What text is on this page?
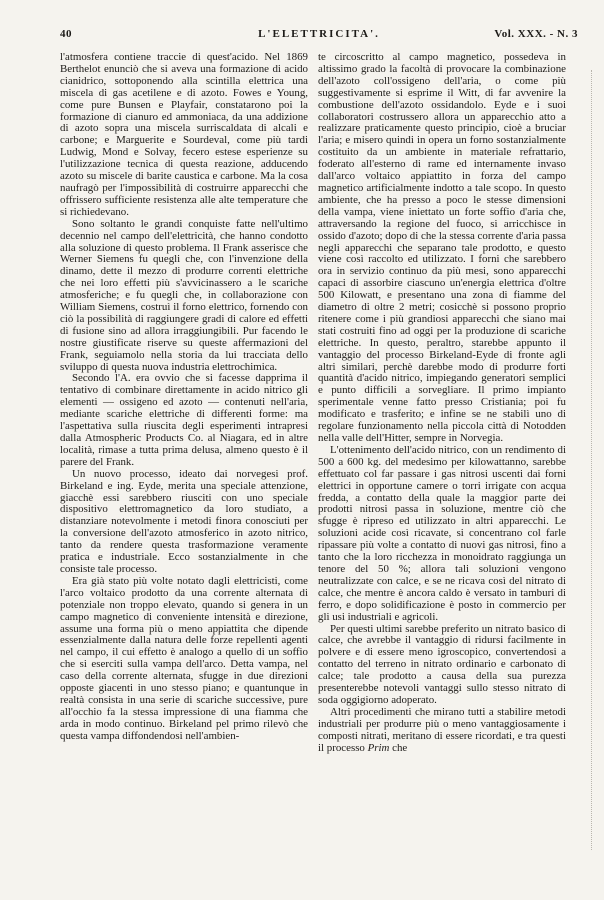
40	L'ELETTRICITA'.	Vol. XXX. - N. 3

l'atmosfera contiene traccie di quest'acido. Nel 1869 Berthelot enunciò che si aveva una formazione di acido cianidrico, sottoponendo alla scintilla elettrica una miscela di gas acetilene e di azoto. Fowes e Young, come pure Bunsen e Playfair, constatarono poi la formazione di cianuro ed ammoniaca, da una addizione di azoto sopra una miscela surriscaldata di alcali e carbone; e Marguerite e Sourdeval, come più tardi Ludwig, Mond e Solvay, fecero estese esperienze su l'utilizzazione tecnica di questa reazione, adducendo azoto su miscele di barite caustica e carbone. Ma la cosa naufragò per l'impossibilità di costruirre apparecchi che offrissero sufficiente resistenza alle alte temperature che si richiedevano.

Sono soltanto le grandi conquiste fatte nell'ultimo decennio nel campo dell'elettricità, che hanno condotto alla soluzione di questo problema. Il Frank asserisce che Werner Siemens fu quegli che, con l'invenzione della dinamo, dette il mezzo di produrre correnti elettriche che nei loro effetti più s'avvicinassero a le scariche atmosferiche; e fu quegli che, in collaborazione con William Siemens, costruì il forno elettrico, fornendo con ciò la possibilità di raggiungere gradi di calore ed effetti di fusione sino ad allora irraggiungibili. Pur facendo le nostre giustificate riserve su queste affermazioni del Frank, seguiamolo nella storia da lui tracciata dello sviluppo di questa nuova industria elettrochimica.

Secondo l'A. era ovvio che si facesse dapprima il tentativo di combinare direttamente in acido nitrico gli elementi — ossigeno ed azoto — contenuti nell'aria, mediante scariche elettriche di differenti forme: ma l'aspettativa sulla riuscita degli esperimenti intrapresi dalla Atmospheric Products Co. al Niagara, ed in altre località, rimase a tutta prima delusa, almeno questo è il parere del Frank.

Un nuovo processo, ideato dai norvegesi prof. Birkeland e ing. Eyde, merita una speciale attenzione, giacchè essi sarebbero riusciti con uno speciale dispositivo elettromagnetico da loro studiato, a distanziare notevolmente i metodi finora conosciuti per la conversione dell'azoto atmosferico in azoto nitrico, tanto da rendere questa trasformazione veramente pratica e industriale. Ecco sostanzialmente in che consiste tale processo.

Era già stato più volte notato dagli elettricisti, come l'arco voltaico prodotto da una corrente alternata di potenziale non troppo elevato, quando si genera in un campo magnetico di conveniente intensità e direzione, assume una forma più o meno appiattita che dipende essenzialmente dalla natura delle forze repellenti agenti nel campo, il cui effetto è analogo a quello di un soffio che si eserciti sulla vampa dell'arco. Detta vampa, nel caso della corrente alternata, sfugge in due direzioni opposte giacenti in uno stesso piano; e quantunque in realtà consista in una serie di scariche successive, pure all'occhio fa la stessa impressione di una fiamma che arda in modo continuo. Birkeland pel primo rilevò che questa vampa diffondendosi nell'ambien-

te circoscritto al campo magnetico, possedeva in altissimo grado la facoltà di provocare la combinazione dell'azoto coll'ossigeno dell'aria, o come più suggestivamente si esprime il Witt, di far avvenire la combustione dell'azoto ossidandolo. Eyde e i suoi collaboratori costrussero allora un apparecchio atto a realizzare praticamente questo principio, cioè a bruciar l'aria; e misero quindi in opera un forno sostanzialmente costituito da un ambiente in materiale refrattario, foderato all'esterno di rame ed internamente invaso dall'arco voltaico appiattito in forza del campo magnetico artificialmente indotto a tale scopo. In questo ambiente, che ha presso a poco le stesse dimensioni della vampa, viene iniettato un forte soffio d'aria che, attraversando la regione del fuoco, si arricchisce in ossido d'azoto; dopo di che la stessa corrente d'aria passa negli apparecchi che separano tale prodotto, e questo viene così raccolto ed utilizzato. I forni che sarebbero ora in servizio continuo da più mesi, sono apparecchi capaci di assorbire ciascuno un'energia elettrica d'oltre 500 Kilowatt, e presentano una zona di fiamme del diametro di oltre 2 metri; cosicchè si possono proprio ritenere come i più grandiosi apparecchi che siano mai stati costruiti fino ad oggi per la produzione di scariche elettriche. In questo, peraltro, starebbe appunto il vantaggio del processo Birkeland-Eyde di fronte agli altri similari, perchè darebbe modo di produrre forti quantità d'acido nitrico, impiegando generatori semplici e punto difficili a sorvegliare. Il primo impianto sperimentale venne fatto presso Cristiania; poi fu modificato e trasferito; e infine se ne stabilì uno di regolare funzionamento nella piccola città di Notodden nella valle dell'Hitter, sempre in Norvegia.

L'ottenimento dell'acido nitrico, con un rendimento di 500 a 600 kg. del medesimo per kilowattanno, sarebbe effettuato col far passare i gas nitrosi uscenti dai forni elettrici in opportune camere o torri irrigate con acqua fredda, a contatto della quale la maggior parte dei prodotti nitrosi passa in soluzione, mentre ciò che sfugge è ripreso ed utilizzato in altri apparecchi. Le soluzioni acide così ricavate, si concentrano col farle ripassare più volte a contatto di nuovi gas nitrosi, fino a tanto che la loro ricchezza in monoidrato raggiunga un tenore del 50 %; allora tali soluzioni vengono neutralizzate con calce, e se ne ricava così del nitrato di calce, che mentre è ancora caldo è versato in tamburi di ferro, e dopo solidificazione è posto in commercio per gli usi industriali e agricoli.

Per questi ultimi sarebbe preferito un nitrato basico di calce, che avrebbe il vantaggio di ridursi facilmente in polvere e di essere meno igroscopico, convertendosi a contatto del terreno in nitrato ordinario e carbonato di calce; tale prodotto a causa della sua purezza presenterebbe notevoli vantaggi sullo stesso nitrato di soda oggigiorno adoperato.

Altri procedimenti che mirano tutti a stabilire metodi industriali per produrre più o meno vantaggiosamente i composti nitrati, meritano di essere ricordati, e tra questi il processo Prim che
